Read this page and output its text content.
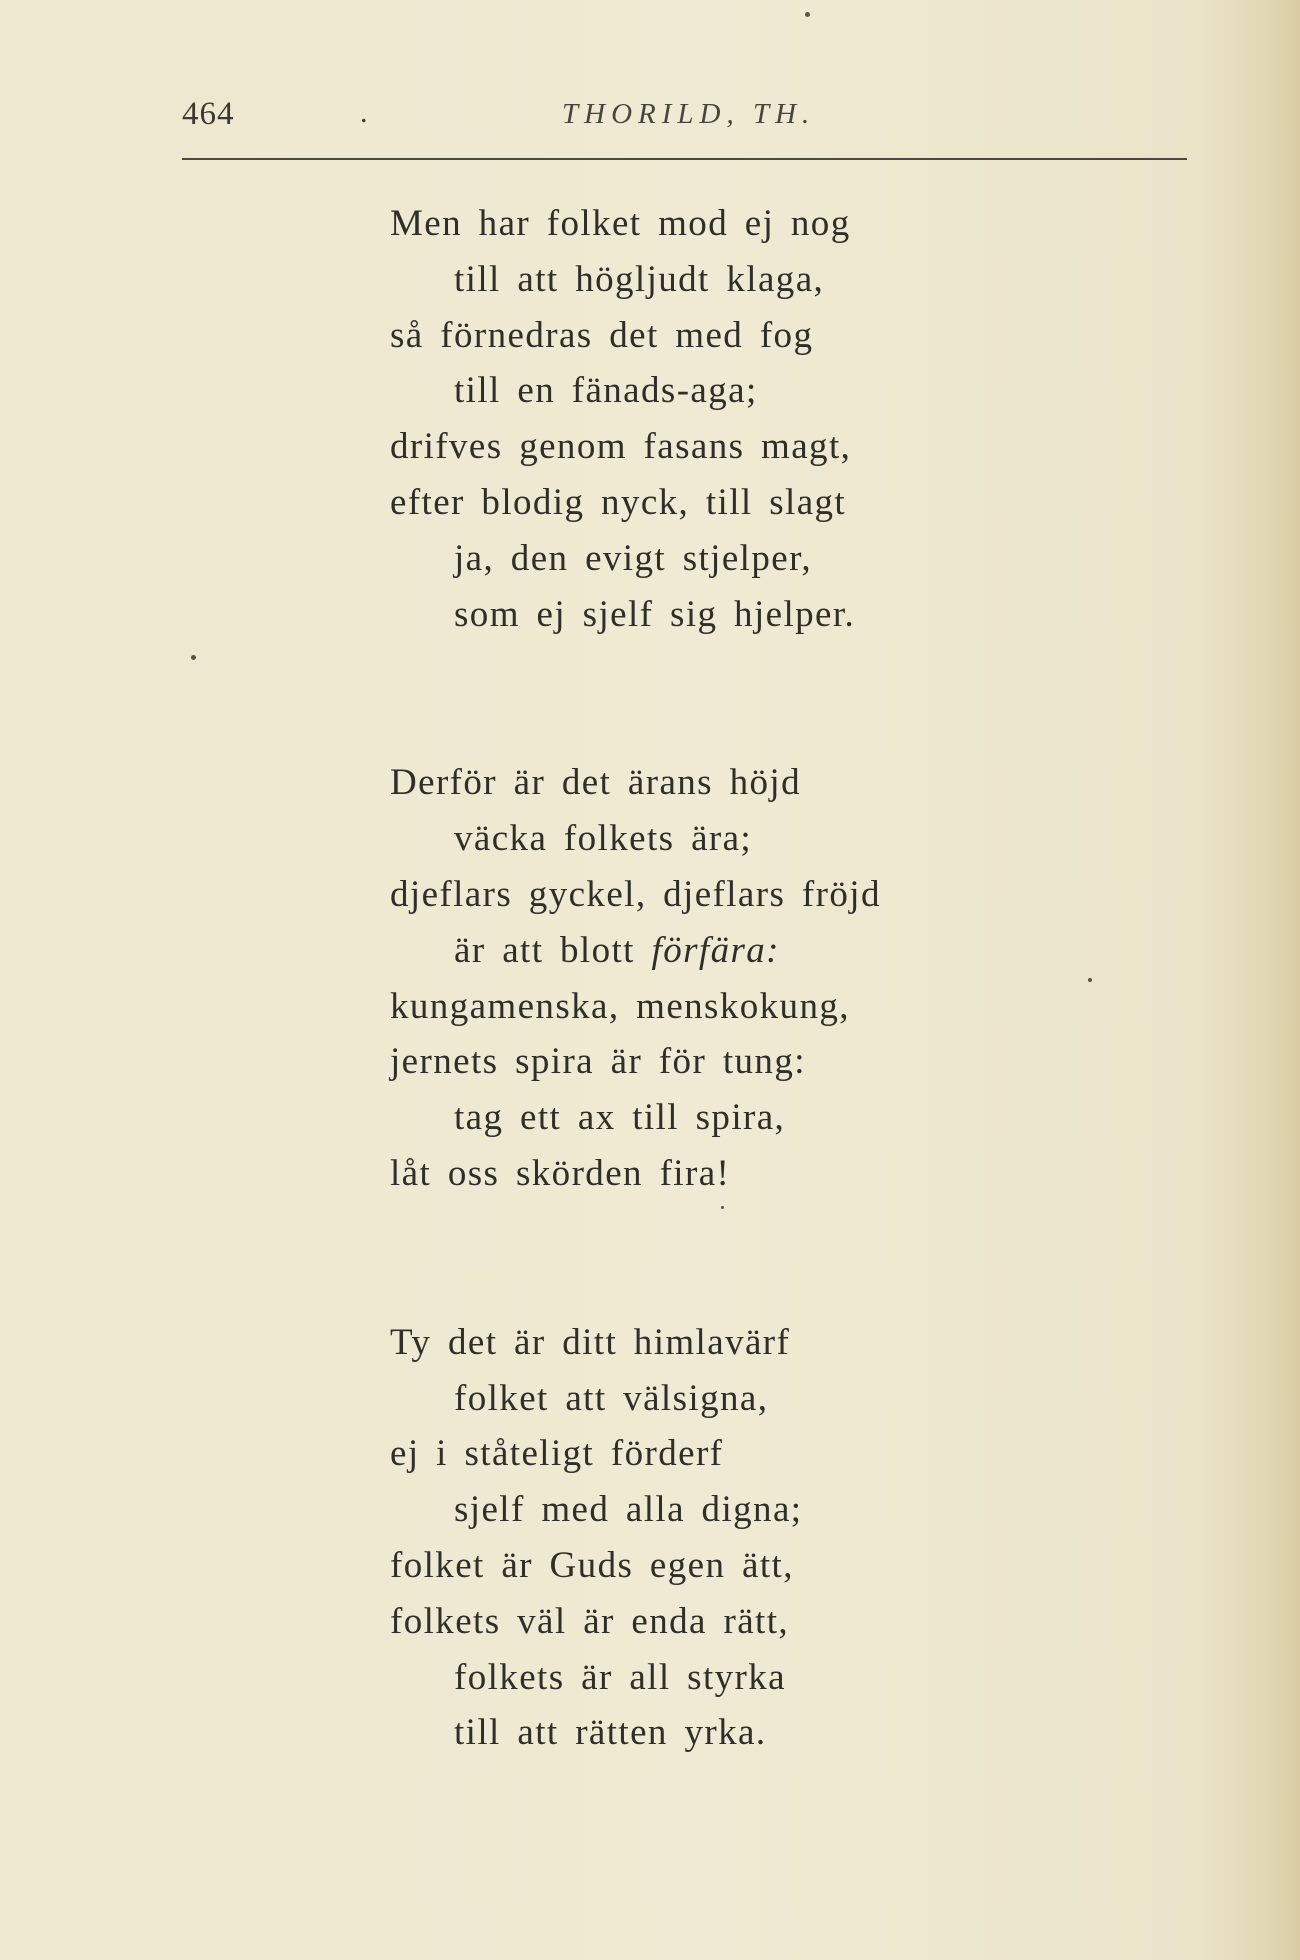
464	.	THORILD, TH.
Men har folket mod ej nog
till att högljudt klaga,
så förnedras det med fog
till en fänads-aga;
drifves genom fasans magt,
efter blodig nyck, till slagt
ja, den evigt stjelper,
som ej sjelf sig hjelper.
Derför är det ärans höjd
väcka folkets ära;
djeflars gyckel, djeflars fröjd
är att blott förfära:
kungamenska, menskokung,
jernets spira är för tung:
tag ett ax till spira,
låt oss skörden fira!
Ty det är ditt himlavärf
folket att välsigna,
ej i ståteligt förderf
sjelf med alla digna;
folket är Guds egen ätt,
folkets väl är enda rätt,
folkets är all styrka
till att rätten yrka.
